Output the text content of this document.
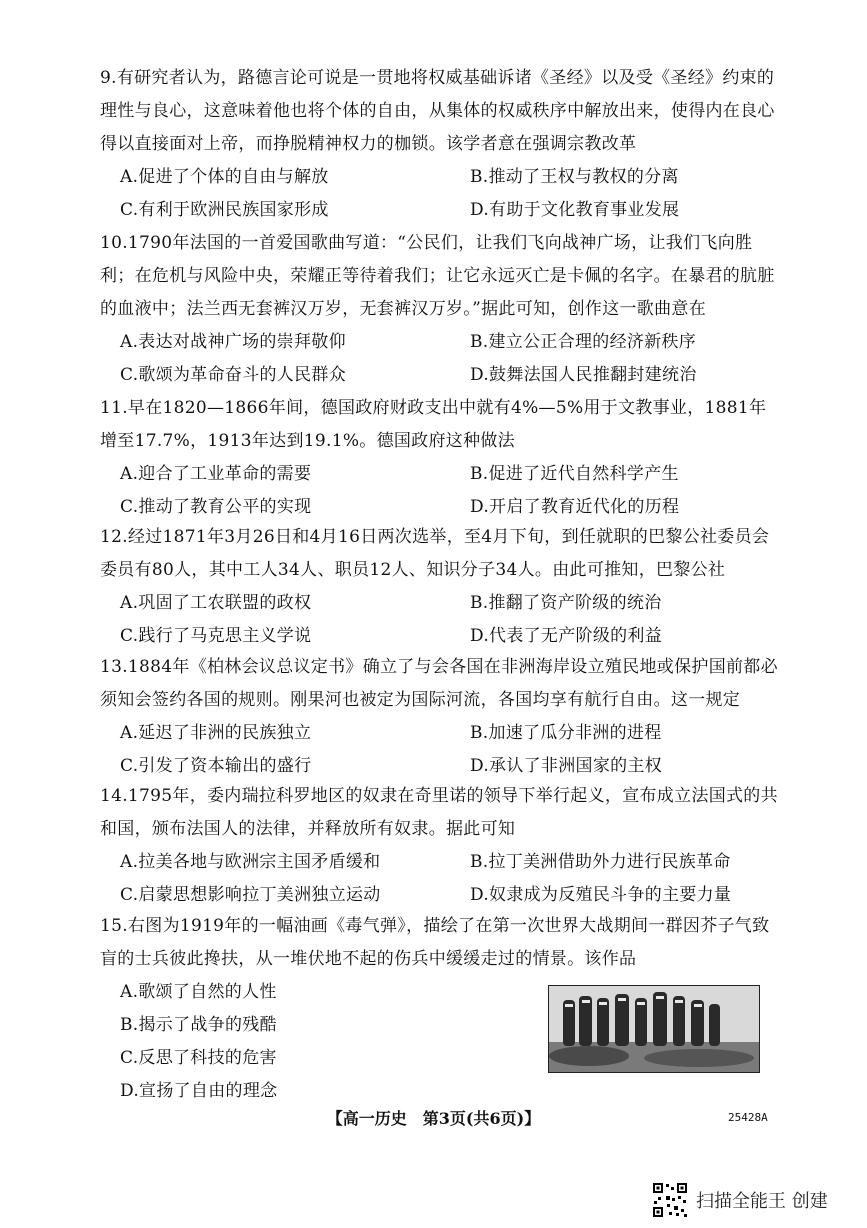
9.有研究者认为，路德言论可说是一贯地将权威基础诉诸《圣经》以及受《圣经》约束的理性与良心，这意味着他也将个体的自由，从集体的权威秩序中解放出来，使得内在良心得以直接面对上帝，而挣脱精神权力的枷锁。该学者意在强调宗教改革

A.促进了个体的自由与解放	B.推动了王权与教权的分离
C.有利于欧洲民族国家形成	D.有助于文化教育事业发展

10.1790年法国的一首爱国歌曲写道：“公民们，让我们飞向战神广场，让我们飞向胜利；在危机与风险中央，荣耀正等待着我们；让它永远灭亡是卡佩的名字。在暴君的肮脏的血液中；法兰西无套裤汉万岁，无套裤汉万岁。”据此可知，创作这一歌曲意在

A.表达对战神广场的崇拜敬仰	B.建立公正合理的经济新秩序
C.歌颂为革命奋斗的人民群众	D.鼓舞法国人民推翻封建统治

11.早在1820—1866年间，德国政府财政支出中就有4%—5%用于文教事业，1881年增至17.7%，1913年达到19.1%。德国政府这种做法

A.迎合了工业革命的需要	B.促进了近代自然科学产生
C.推动了教育公平的实现	D.开启了教育近代化的历程

12.经过1871年3月26日和4月16日两次选举，至4月下旬，到任就职的巴黎公社委员会委员有80人，其中工人34人、职员12人、知识分子34人。由此可推知，巴黎公社

A.巩固了工农联盟的政权	B.推翻了资产阶级的统治
C.践行了马克思主义学说	D.代表了无产阶级的利益

13.1884年《柏林会议总议定书》确立了与会各国在非洲海岸设立殖民地或保护国前都必须知会签约各国的规则。刚果河也被定为国际河流，各国均享有航行自由。这一规定

A.延迟了非洲的民族独立	B.加速了瓜分非洲的进程
C.引发了资本输出的盛行	D.承认了非洲国家的主权

14.1795年，委内瑞拉科罗地区的奴隶在奇里诺的领导下举行起义，宣布成立法国式的共和国，颁布法国人的法律，并释放所有奴隶。据此可知

A.拉美各地与欧洲宗主国矛盾缓和	B.拉丁美洲借助外力进行民族革命
C.启蒙思想影响拉丁美洲独立运动	D.奴隶成为反殖民斗争的主要力量

15.右图为1919年的一幅油画《毒气弹》，描绘了在第一次世界大战期间一群因芥子气致盲的士兵彼此搀扶，从一堆伏地不起的伤兵中缓缓走过的情景。该作品

A.歌颂了自然的人性
B.揭示了战争的残酷
C.反思了科技的危害
D.宣扬了自由的理念
【高一历史　第3页(共6页)】	25428A
扫描全能王 创建
